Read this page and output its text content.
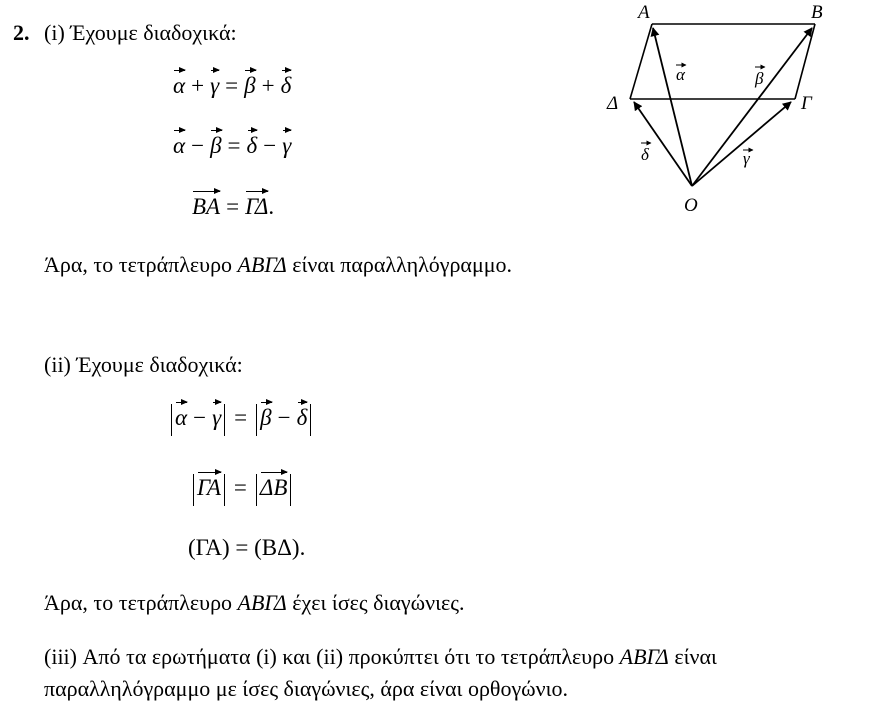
2. (i) Έχουμε διαδοχικά:
α + γ = β + δ
α − β = δ − γ
BA = ΓΔ.
Άρα, το τετράπλευρο ΑΒΓΔ είναι παραλληλόγραμμο.
(ii) Έχουμε διαδοχικά:
α − γ = β − δ
ΓΑ = ΔΒ
(ΓΑ) = (ΒΔ).
Άρα, το τετράπλευρο ΑΒΓΔ έχει ίσες διαγώνιες.
(iii) Από τα ερωτήματα (i) και (ii) προκύπτει ότι το τετράπλευρο ΑΒΓΔ είναι
παραλληλόγραμμο με ίσες διαγώνιες, άρα είναι ορθογώνιο.
Α	Β
Γ
Δ
Ο
α	β
γ
δ
